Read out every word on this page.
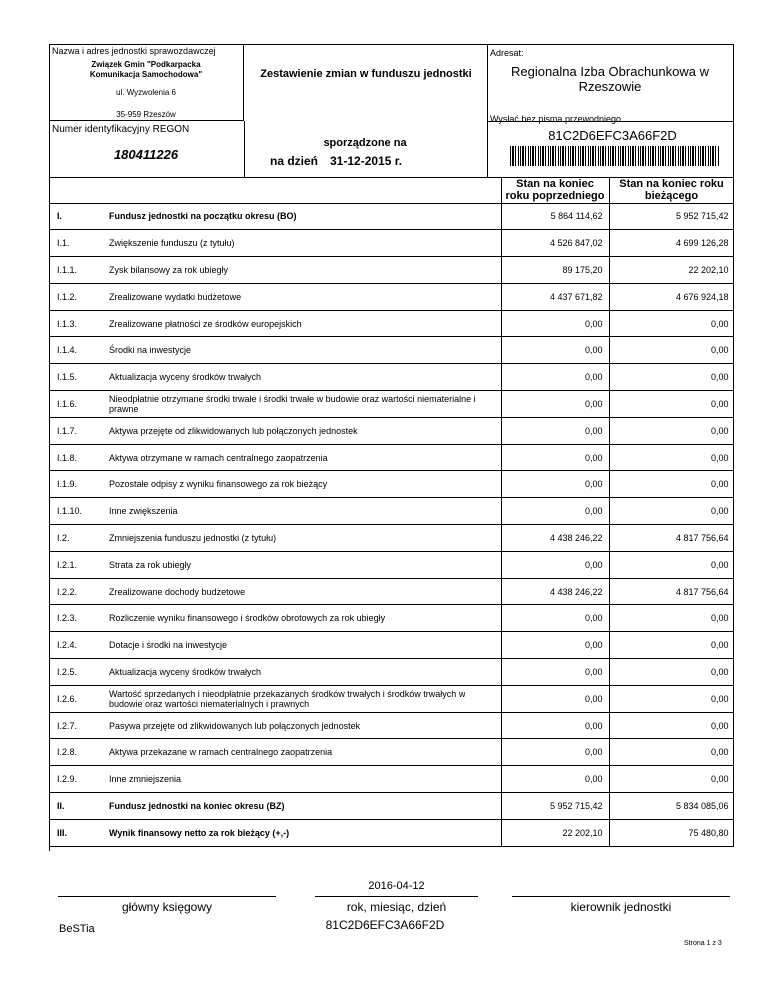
Nazwa i adres jednostki sprawozdawczej
Związek Gmin "Podkarpacka Komunikacja Samochodowa"
ul. Wyzwolenia 6
35-959 Rzeszów
Numer identyfikacyjny REGON
180411226
Zestawienie zmian w funduszu jednostki
sporządzone na
na dzień 31-12-2015 r.
Adresat:
Regionalna Izba Obrachunkowa w Rzeszowie
Wysłać bez pisma przewodniego
81C2D6EFC3A66F2D
Stan na koniec roku poprzedniego
Stan na koniec roku bieżącego
I.	Fundusz jednostki na początku okresu (BO)	5 864 114,62	5 952 715,42
I.1.	Zwiększenie funduszu (z tytułu)	4 526 847,02	4 699 126,28
I.1.1.	Zysk bilansowy za rok ubiegły	89 175,20	22 202,10
I.1.2.	Zrealizowane wydatki budżetowe	4 437 671,82	4 676 924,18
I.1.3.	Zrealizowane płatności ze środków europejskich	0,00	0,00
I.1.4.	Środki na inwestycje	0,00	0,00
I.1.5.	Aktualizacja wyceny środków trwałych	0,00	0,00
I.1.6.	Nieodpłatnie otrzymane środki trwałe i środki trwałe w budowie oraz wartości niematerialne i prawne	0,00	0,00
I.1.7.	Aktywa przejęte od zlikwidowanych lub połączonych jednostek	0,00	0,00
I.1.8.	Aktywa otrzymane w ramach centralnego zaopatrzenia	0,00	0,00
I.1.9.	Pozostałe odpisy z wyniku finansowego za rok bieżący	0,00	0,00
I.1.10.	Inne zwiększenia	0,00	0,00
I.2.	Zmniejszenia funduszu jednostki (z tytułu)	4 438 246,22	4 817 756,64
I.2.1.	Strata za rok ubiegły	0,00	0,00
I.2.2.	Zrealizowane dochody budżetowe	4 438 246,22	4 817 756,64
I.2.3.	Rozliczenie wyniku finansowego i środków obrotowych za rok ubiegły	0,00	0,00
I.2.4.	Dotacje i środki na inwestycje	0,00	0,00
I.2.5.	Aktualizacja wyceny środków trwałych	0,00	0,00
I.2.6.	Wartość sprzedanych i nieodpłatnie przekazanych środków trwałych i środków trwałych w budowie oraz wartości niematerialnych i prawnych	0,00	0,00
I.2.7.	Pasywa przejęte od zlikwidowanych lub połączonych jednostek	0,00	0,00
I.2.8.	Aktywa przekazane w ramach centralnego zaopatrzenia	0,00	0,00
I.2.9.	Inne zmniejszenia	0,00	0,00
II.	Fundusz jednostki na koniec okresu (BZ)	5 952 715,42	5 834 085,06
III.	Wynik finansowy netto za rok bieżący (+,-)	22 202,10	75 480,80
główny księgowy
2016-04-12
rok, miesiąc, dzień	kierownik jednostki
BeSTia	81C2D6EFC3A66F2D
Strona 1 z 3
